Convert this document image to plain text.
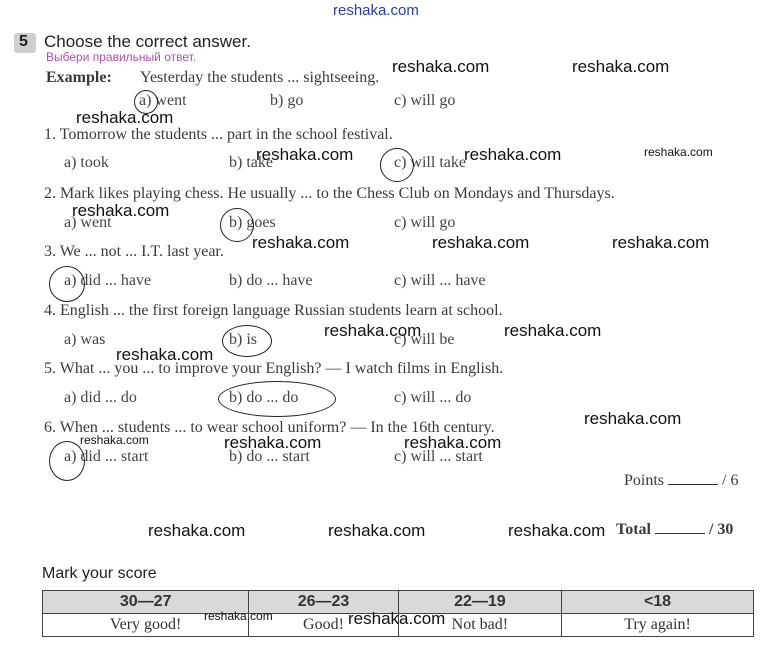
reshaka.com
5 Choose the correct answer.
Выбери правильный ответ.
Example: Yesterday the students ... sightseeing.
a) went	b) go	c) will go
1. Tomorrow the students ... part in the school festival.
a) took	b) take	c) will take
2. Mark likes playing chess. He usually ... to the Chess Club on Mondays and Thursdays.
a) went	b) goes	c) will go
3. We ... not ... I.T. last year.
a) did ... have	b) do ... have	c) will ... have
4. English ... the first foreign language Russian students learn at school.
a) was	b) is	c) will be
5. What ... you ... to improve your English? — I watch films in English.
a) did ... do	b) do ... do	c) will ... do
6. When ... students ... to wear school uniform? — In the 16th century.
a) did ... start	b) do ... start	c) will ... start
Points	/ 6
Total	/ 30
Mark your score
30—27	26—23	22—19	<18
Very good!	Good!	Not bad!	Try again!
reshaka.com	reshaka.com
reshaka.com
reshaka.com	reshaka.com	reshaka.com
reshaka.com
reshaka.com	reshaka.com	reshaka.com
reshaka.com	reshaka.com
reshaka.com
reshaka.com
reshaka.com	reshaka.com	reshaka.com
reshaka.com	reshaka.com	reshaka.com
reshaka.com	reshaka.com
